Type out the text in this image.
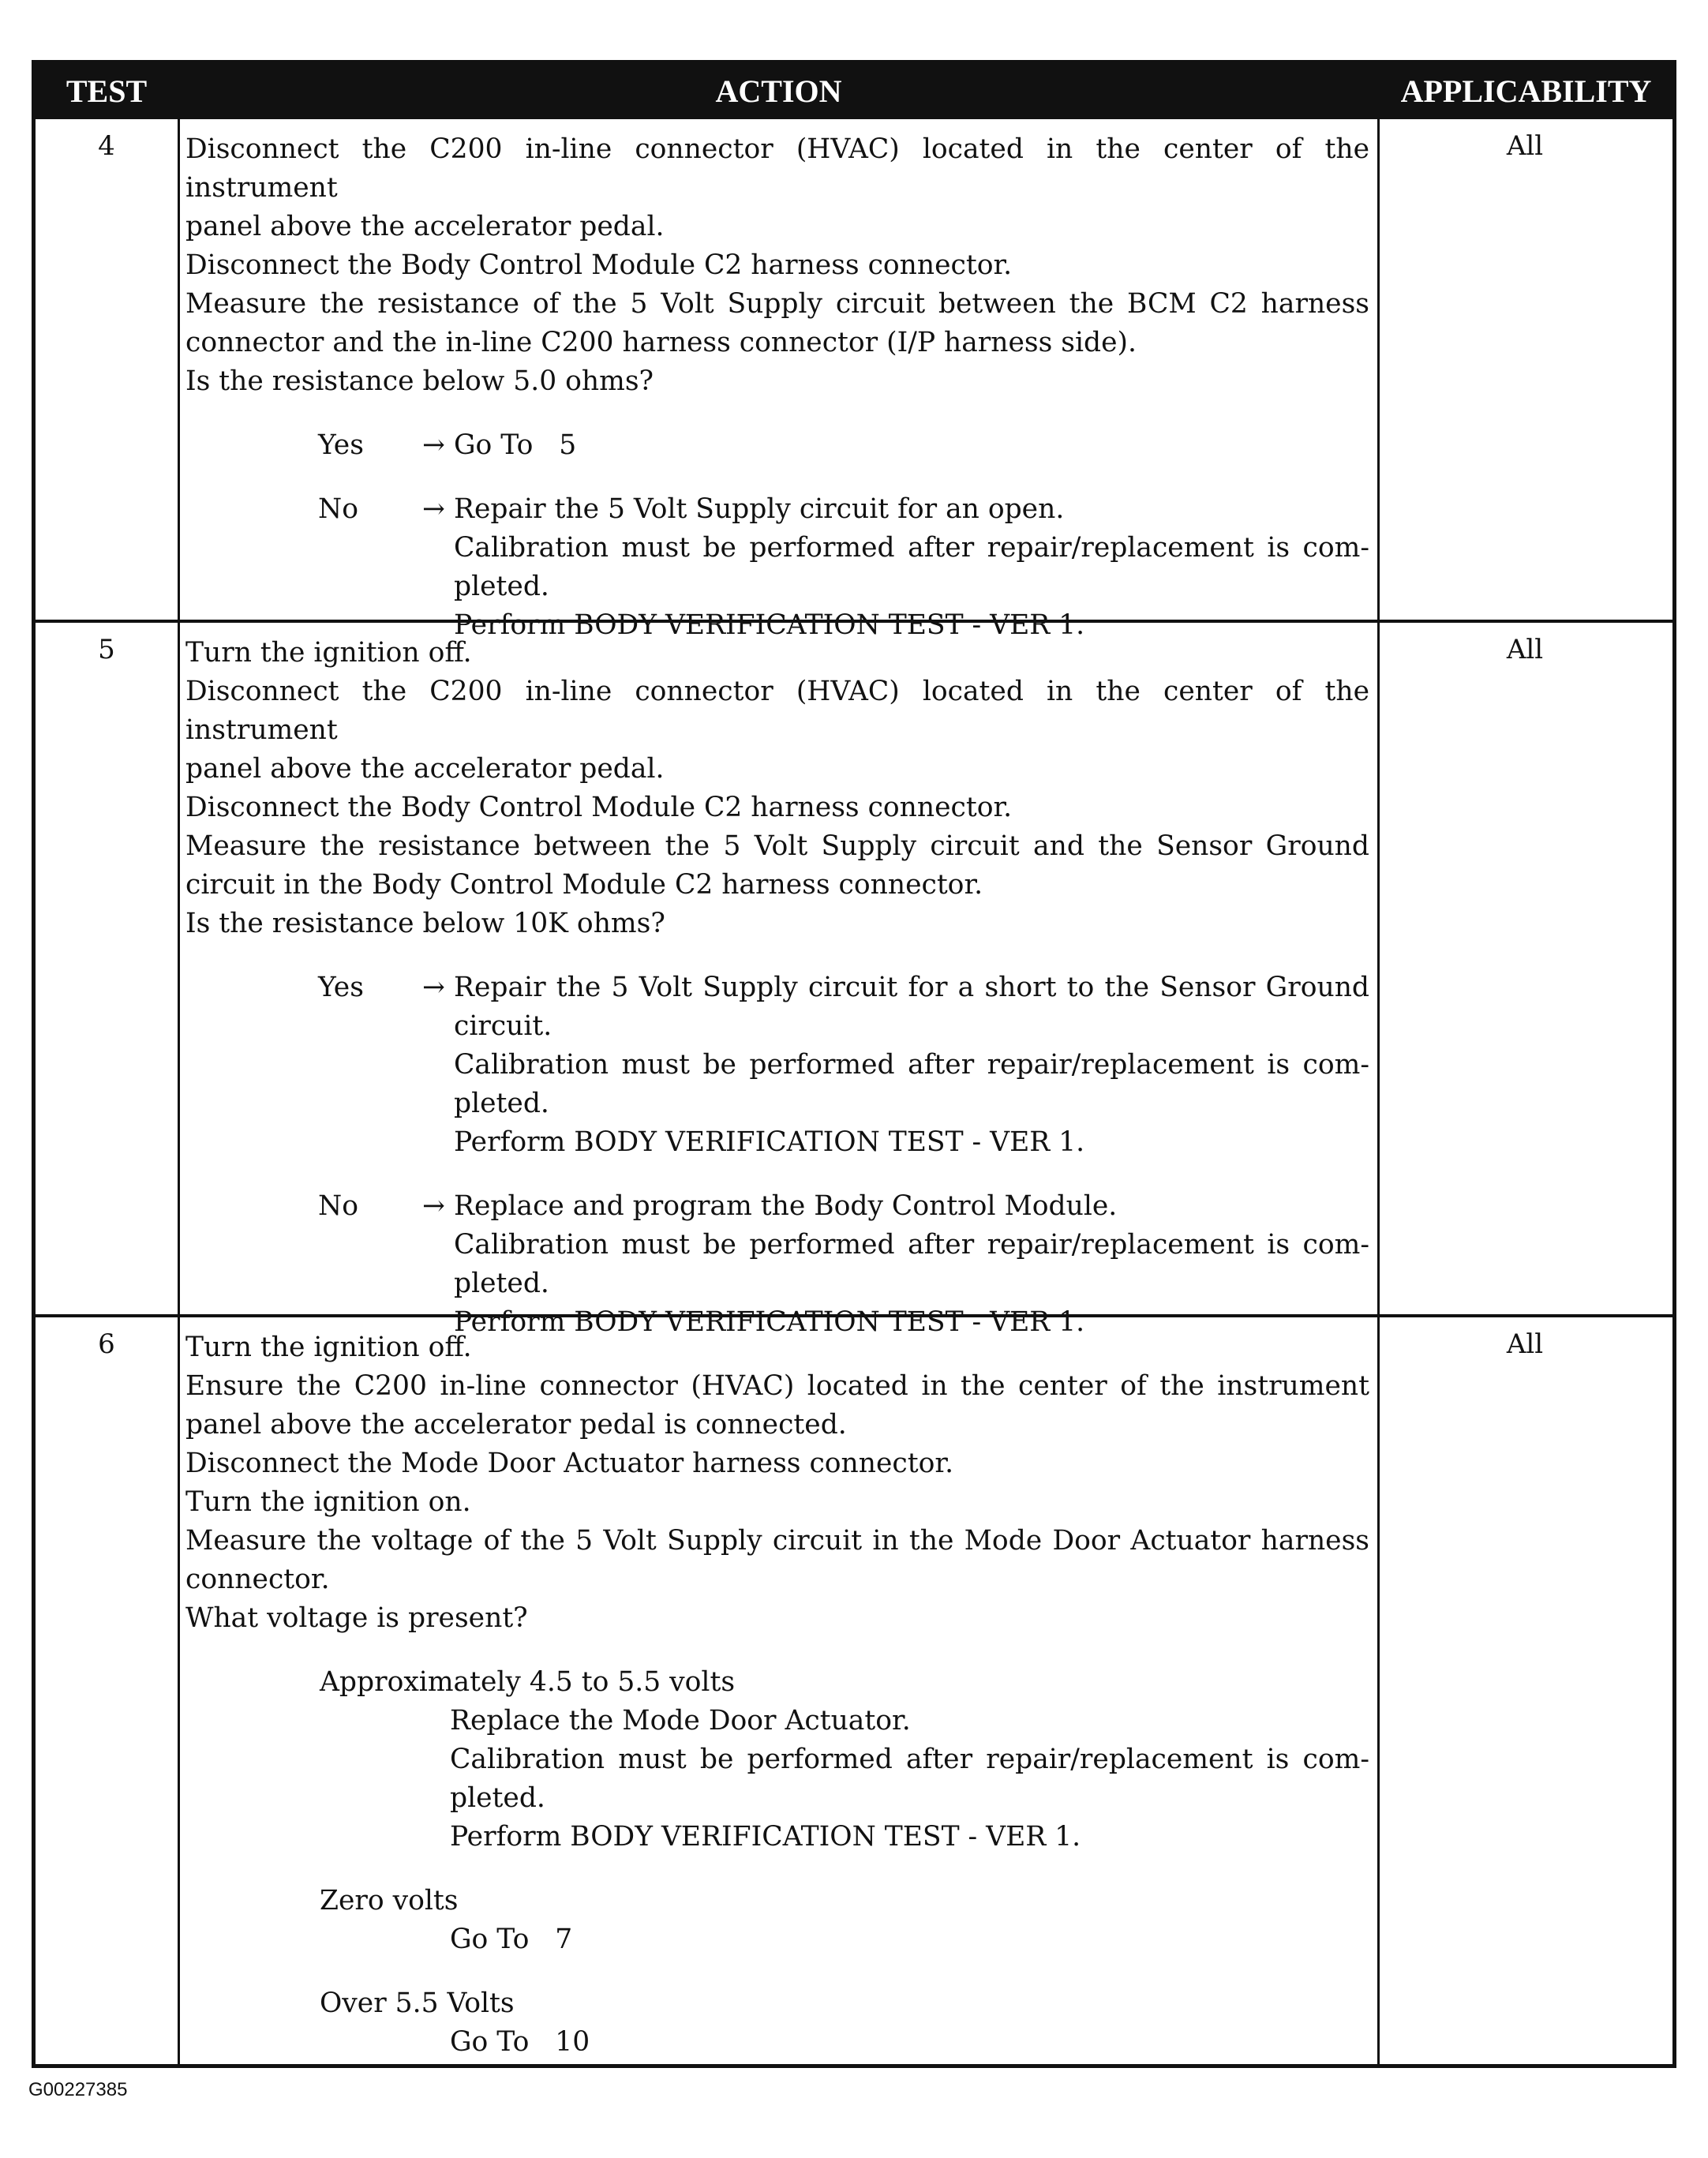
TEST	ACTION	APPLICABILITY
4	Disconnect the C200 in-line connector (HVAC) located in the center of the instrument
panel above the accelerator pedal.
Disconnect the Body Control Module C2 harness connector.
Measure the resistance of the 5 Volt Supply circuit between the BCM C2 harness
connector and the in-line C200 harness connector (I/P harness side).
Is the resistance below 5.0 ohms?
Yes → Go To   5
No → Repair the 5 Volt Supply circuit for an open.
Calibration must be performed after repair/replacement is com-
pleted.
Perform BODY VERIFICATION TEST - VER 1.
All
5	Turn the ignition off.
Disconnect the C200 in-line connector (HVAC) located in the center of the instrument
panel above the accelerator pedal.
Disconnect the Body Control Module C2 harness connector.
Measure the resistance between the 5 Volt Supply circuit and the Sensor Ground
circuit in the Body Control Module C2 harness connector.
Is the resistance below 10K ohms?
Yes → Repair the 5 Volt Supply circuit for a short to the Sensor Ground
circuit.
Calibration must be performed after repair/replacement is com-
pleted.
Perform BODY VERIFICATION TEST - VER 1.
No → Replace and program the Body Control Module.
Calibration must be performed after repair/replacement is com-
pleted.
Perform BODY VERIFICATION TEST - VER 1.
All
6	Turn the ignition off.
Ensure the C200 in-line connector (HVAC) located in the center of the instrument
panel above the accelerator pedal is connected.
Disconnect the Mode Door Actuator harness connector.
Turn the ignition on.
Measure the voltage of the 5 Volt Supply circuit in the Mode Door Actuator harness
connector.
What voltage is present?
Approximately 4.5 to 5.5 volts
Replace the Mode Door Actuator.
Calibration must be performed after repair/replacement is com-
pleted.
Perform BODY VERIFICATION TEST - VER 1.
Zero volts
Go To   7
Over 5.5 Volts
Go To   10
All
G00227385
